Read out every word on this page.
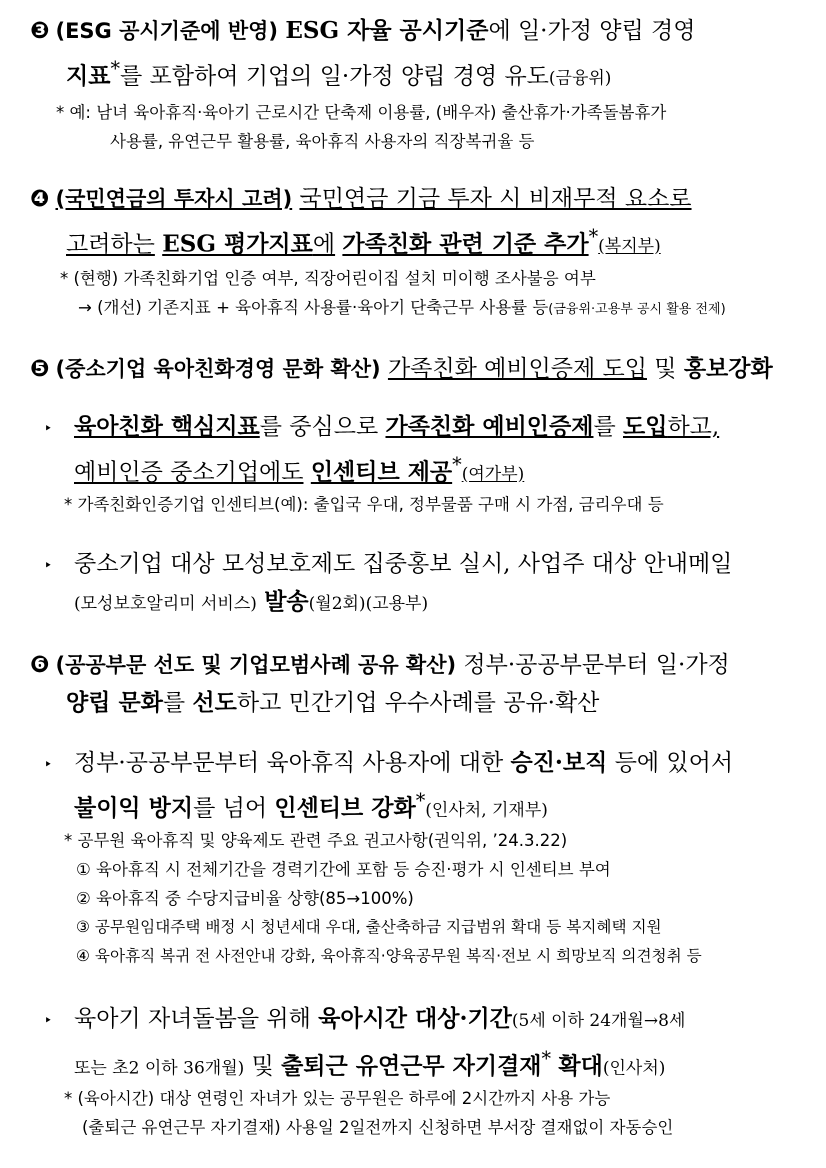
❸ (ESG 공시기준에 반영) ESG 자율 공시기준에 일·가정 양립 경영
지표*를 포함하여 기업의 일·가정 양립 경영 유도(금융위)
* 예: 남녀 육아휴직·육아기 근로시간 단축제 이용률, (배우자) 출산휴가·가족돌봄휴가
사용률, 유연근무 활용률, 육아휴직 사용자의 직장복귀율 등
❹ (국민연금의 투자시 고려) 국민연금 기금 투자 시 비재무적 요소로
고려하는 ESG 평가지표에 가족친화 관련 기준 추가*(복지부)
* (현행) 가족친화기업 인증 여부, 직장어린이집 설치 미이행 조사불응 여부
→ (개선) 기존지표 + 육아휴직 사용률·육아기 단축근무 사용률 등(금융위·고용부 공시 활용 전제)
❺ (중소기업 육아친화경영 문화 확산) 가족친화 예비인증제 도입 및 홍보강화
‣ 육아친화 핵심지표를 중심으로 가족친화 예비인증제를 도입하고,
예비인증 중소기업에도 인센티브 제공*(여가부)
* 가족친화인증기업 인센티브(예): 출입국 우대, 정부물품 구매 시 가점, 금리우대 등
‣ 중소기업 대상 모성보호제도 집중홍보 실시, 사업주 대상 안내메일
(모성보호알리미 서비스) 발송(월2회)(고용부)
❻ (공공부문 선도 및 기업모범사례 공유 확산) 정부·공공부문부터 일·가정
양립 문화를 선도하고 민간기업 우수사례를 공유·확산
‣ 정부·공공부문부터 육아휴직 사용자에 대한 승진·보직 등에 있어서
불이익 방지를 넘어 인센티브 강화*(인사처, 기재부)
* 공무원 육아휴직 및 양육제도 관련 주요 권고사항(권익위, ’24.3.22)
① 육아휴직 시 전체기간을 경력기간에 포함 등 승진·평가 시 인센티브 부여
② 육아휴직 중 수당지급비율 상향(85→100%)
③ 공무원임대주택 배정 시 청년세대 우대, 출산축하금 지급범위 확대 등 복지혜택 지원
④ 육아휴직 복귀 전 사전안내 강화, 육아휴직·양육공무원 복직·전보 시 희망보직 의견청취 등
‣ 육아기 자녀돌봄을 위해 육아시간 대상·기간(5세 이하 24개월→8세
또는 초2 이하 36개월) 및 출퇴근 유연근무 자기결재* 확대(인사처)
* (육아시간) 대상 연령인 자녀가 있는 공무원은 하루에 2시간까지 사용 가능
(출퇴근 유연근무 자기결재) 사용일 2일전까지 신청하면 부서장 결재없이 자동승인
